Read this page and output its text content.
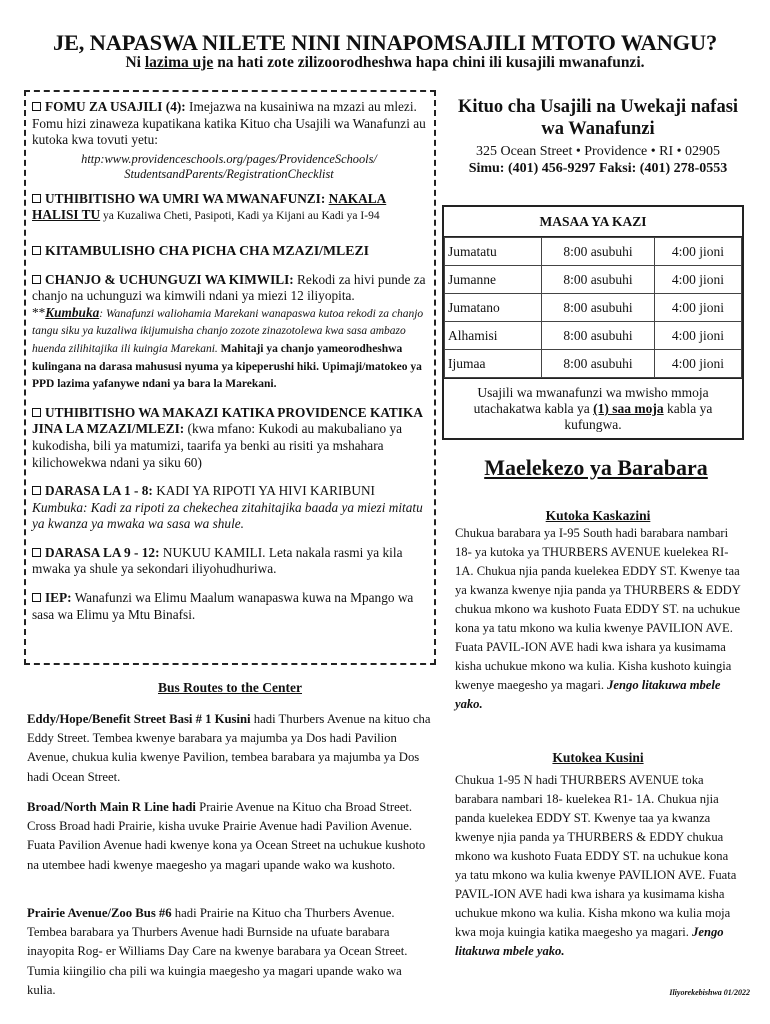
JE, NAPASWA NILETE NINI NINAPOMSAJILI MTOTO WANGU?
Ni lazima uje na hati zote zilizoorodheshwa hapa chini ili kusajili mwanafunzi.
FOMU ZA USAJILI (4): Imejazwa na kusainiwa na mzazi au mlezi. Fomu hizi zinaweza kupatikana katika Kituo cha Usajili wa Wanafunzi au kutoka kwa tovuti yetu:
http:www.providenceschools.org/pages/ProvidenceSchools/ StudentsandParents/RegistrationChecklist
UTHIBITISHO WA UMRI WA MWANAFUNZI: NAKALA HALISI TU ya Kuzaliwa Cheti, Pasipoti, Kadi ya Kijani au Kadi ya I-94
KITAMBULISHO CHA PICHA CHA MZAZI/MLEZI
CHANJO & UCHUNGUZI WA KIMWILI: Rekodi za hivi punde za chanjo na uchunguzi wa kimwili ndani ya miezi 12 iliyopita. **Kumbuka: Wanafunzi waliohamia Marekani wanapaswa kutoa rekodi za chanjo tangu siku ya kuzaliwa ikijumuisha chanjo zozote zinazotolewa kwa sasa ambazo huenda zilihitajika ili kuingia Marekani. Mahitaji ya chanjo yameorodheshwa kulingana na darasa mahususi nyuma ya kipeperushi hiki. Upimaji/matokeo ya PPD lazima yafanywe ndani ya bara la Marekani.
UTHIBITISHO WA MAKAZI KATIKA PROVIDENCE KATIKA JINA LA MZAZI/MLEZI: (kwa mfano: Kukodi au makubaliano ya kukodisha, bili ya matumizi, taarifa ya benki au risiti ya mshahara kilichowekwa ndani ya siku 60)
DARASA LA 1 - 8: KADI YA RIPOTI YA HIVI KARIBUNI
Kumbuka: Kadi za ripoti za chekechea zitahitajika baada ya miezi mitatu ya kwanza ya mwaka wa sasa wa shule.
DARASA LA 9 - 12: NUKUU KAMILI. Leta nakala rasmi ya kila mwaka ya shule ya sekondari iliyohudhuriwa.
IEP: Wanafunzi wa Elimu Maalum wanapaswa kuwa na Mpango wa sasa wa Elimu ya Mtu Binafsi.
Kituo cha Usajili na Uwekaji nafasi wa Wanafunzi
325 Ocean Street • Providence • RI • 02905
Simu: (401) 456-9297 Faksi: (401) 278-0553
MASAA YA KAZI
Jumatatu	8:00 asubuhi	4:00 jioni
Jumanne	8:00 asubuhi	4:00 jioni
Jumatano	8:00 asubuhi	4:00 jioni
Alhamisi	8:00 asubuhi	4:00 jioni
Ijumaa	8:00 asubuhi	4:00 jioni
Usajili wa mwanafunzi wa mwisho mmoja utachakatwa kabla ya (1) saa moja kabla ya kufungwa.
Maelekezo ya Barabara
Kutoka Kaskazini
Chukua barabara ya I-95 South hadi barabara nambari 18- ya kutoka ya THURBERS AVENUE kuelekea RI-1A. Chukua njia panda kuelekea EDDY ST. Kwenye taa ya kwanza kwenye njia panda ya THURBERS & EDDY chukua mkono wa kushoto Fuata EDDY ST. na uchukue kona ya tatu mkono wa kulia kwenye PAVILION AVE. Fuata PAVIL-ION AVE hadi kwa ishara ya kusimama kisha uchukue mkono wa kulia. Kisha kushoto kuingia kwenye maegesho ya magari. Jengo litakuwa mbele yako.
Kutokea Kusini
Chukua 1-95 N hadi THURBERS AVENUE toka barabara nambari 18- kuelekea R1- 1A. Chukua njia panda kuelekea EDDY ST. Kwenye taa ya kwanza kwenye njia panda ya THURBERS & EDDY chukua mkono wa kushoto Fuata EDDY ST. na uchukue kona ya tatu mkono wa kulia kwenye PAVILION AVE. Fuata PAVIL-ION AVE hadi kwa ishara ya kusimama kisha uchukue mkono wa kulia. Kisha mkono wa kulia moja kwa moja kuingia katika maegesho ya magari. Jengo litakuwa mbele yako.
Bus Routes to the Center
Eddy/Hope/Benefit Street Basi # 1 Kusini hadi Thurbers Avenue na kituo cha Eddy Street. Tembea kwenye barabara ya majumba ya Dos hadi Pavilion Avenue, chukua kulia kwenye Pavilion, tembea barabara ya majumba ya Dos hadi Ocean Street.
Broad/North Main R Line hadi Prairie Avenue na Kituo cha Broad Street. Cross Broad hadi Prairie, kisha uvuke Prairie Avenue hadi Pavilion Avenue. Fuata Pavilion Avenue hadi kwenye kona ya Ocean Street na uchukue kushoto na utembee hadi kwenye maegesho ya magari upande wako wa kushoto.
Prairie Avenue/Zoo Bus #6 hadi Prairie na Kituo cha Thurbers Avenue. Tembea barabara ya Thurbers Avenue hadi Burnside na ufuate barabara inayopita Rog- er Williams Day Care na kwenye barabara ya Ocean Street. Tumia kiingilio cha pili wa kuingia maegesho ya magari upande wako wa kulia.	Iliyorekebishwa 01/2022
